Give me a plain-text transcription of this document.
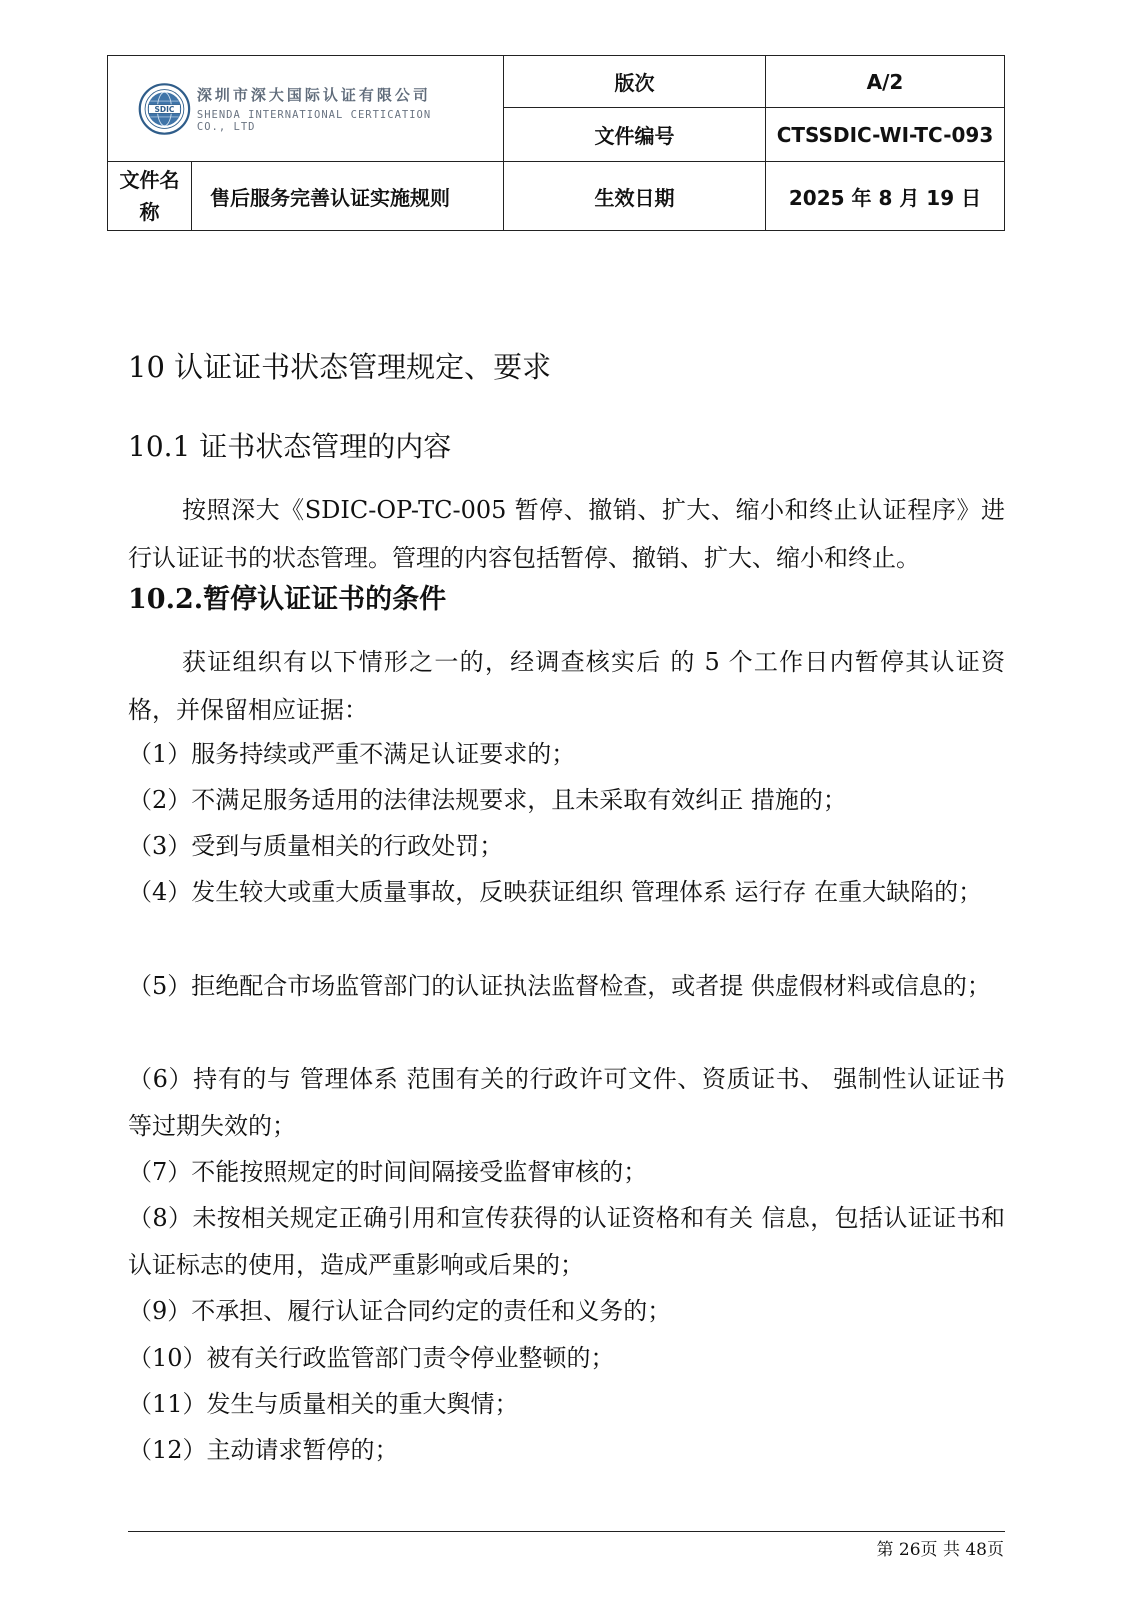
SDIC
深圳市深大国际认证有限公司
SHENDA INTERNATIONAL CERTICATION CO., LTD			版次	A/2
			文件编号	CTSSDIC-WI-TC-093

文件名
称	售后服务完善认证实施规则		生效日期	2025 年 8 月 19 日
10 认证证书状态管理规定、要求
10.1 证书状态管理的内容
按照深大《SDIC-OP-TC-005 暂停、撤销、扩大、缩小和终止认证程序》进行认证证书的状态管理。管理的内容包括暂停、撤销、扩大、缩小和终止。
10.2.暂停认证证书的条件
获证组织有以下情形之一的，经调查核实后 的 5 个工作日内暂停其认证资格，并保留相应证据：
（1）服务持续或严重不满足认证要求的；
（2）不满足服务适用的法律法规要求，且未采取有效纠正 措施的；
（3）受到与质量相关的行政处罚；
（4）发生较大或重大质量事故，反映获证组织 管理体系 运行存 在重大缺陷的；
（5）拒绝配合市场监管部门的认证执法监督检查，或者提 供虚假材料或信息的；
（6）持有的与 管理体系 范围有关的行政许可文件、资质证书、 强制性认证证书等过期失效的；
（7）不能按照规定的时间间隔接受监督审核的；
（8）未按相关规定正确引用和宣传获得的认证资格和有关 信息，包括认证证书和认证标志的使用，造成严重影响或后果的；
（9）不承担、履行认证合同约定的责任和义务的；
（10）被有关行政监管部门责令停业整顿的；
（11）发生与质量相关的重大舆情；
（12）主动请求暂停的；
第 26页 共 48页
